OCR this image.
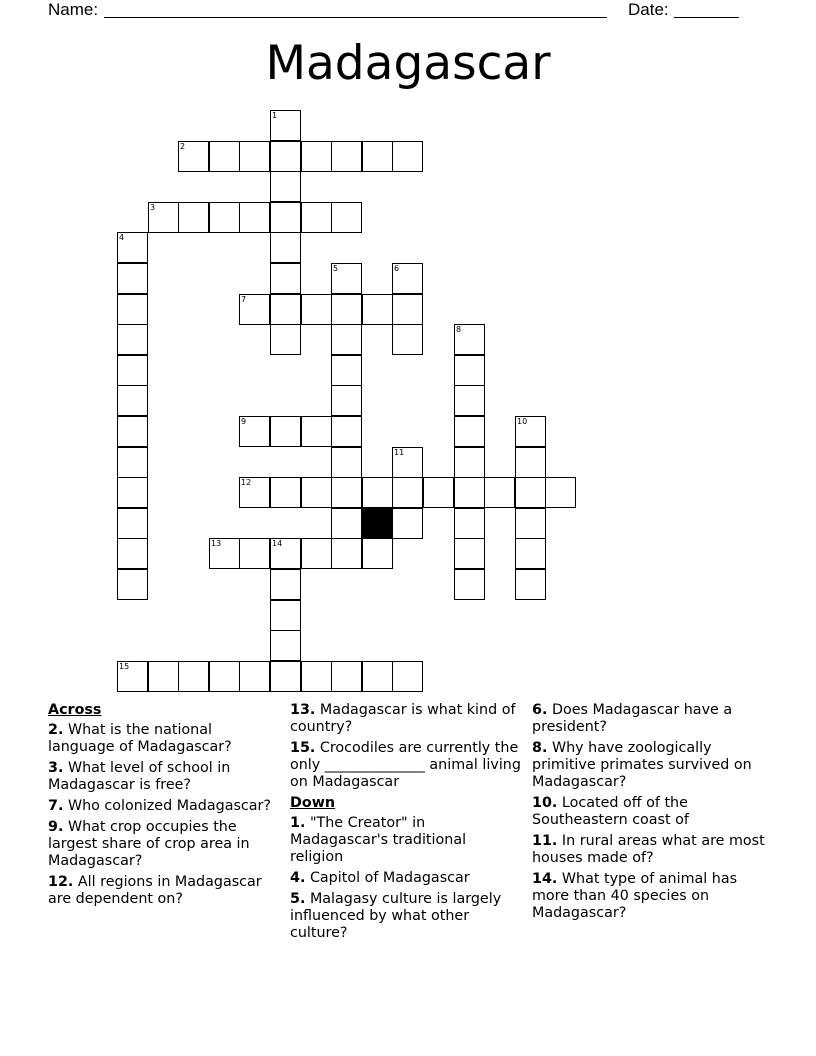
Name:	Date:
Madagascar
1
2
3
4
5	6
7
8
9	10
11
12
13	14
15
Across
2. What is the national language of Madagascar?
3. What level of school in Madagascar is free?
7. Who colonized Madagascar?
9. What crop occupies the largest share of crop area in Madagascar?
12. All regions in Madagascar are dependent on?
13. Madagascar is what kind of country?
15. Crocodiles are currently the only ______________ animal living on Madagascar
Down
1. "The Creator" in Madagascar's traditional religion
4. Capitol of Madagascar
5. Malagasy culture is largely influenced by what other culture?
6. Does Madagascar have a president?
8. Why have zoologically primitive primates survived on Madagascar?
10. Located off of the Southeastern coast of
11. In rural areas what are most houses made of?
14. What type of animal has more than 40 species on Madagascar?
